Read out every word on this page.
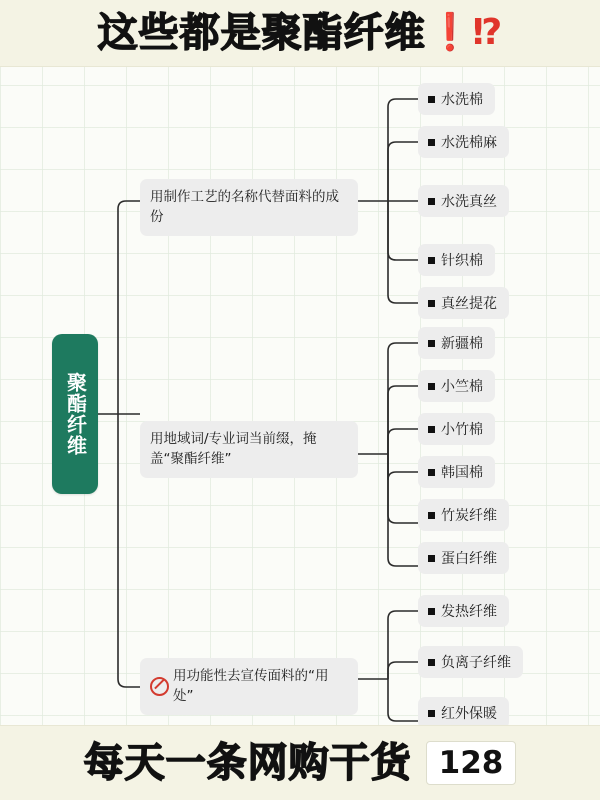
这些都是聚酯纤维 ❗⁉
聚酯纤维
用制作工艺的名称代替面料的成份
用地域词/专业词当前缀，掩盖“聚酯纤维”
用功能性去宣传面料的“用处”
水洗棉
水洗棉麻
水洗真丝
针织棉
真丝提花
新疆棉
小竺棉
小竹棉
韩国棉
竹炭纤维
蛋白纤维
发热纤维
负离子纤维
红外保暖
每天一条网购干货 128
